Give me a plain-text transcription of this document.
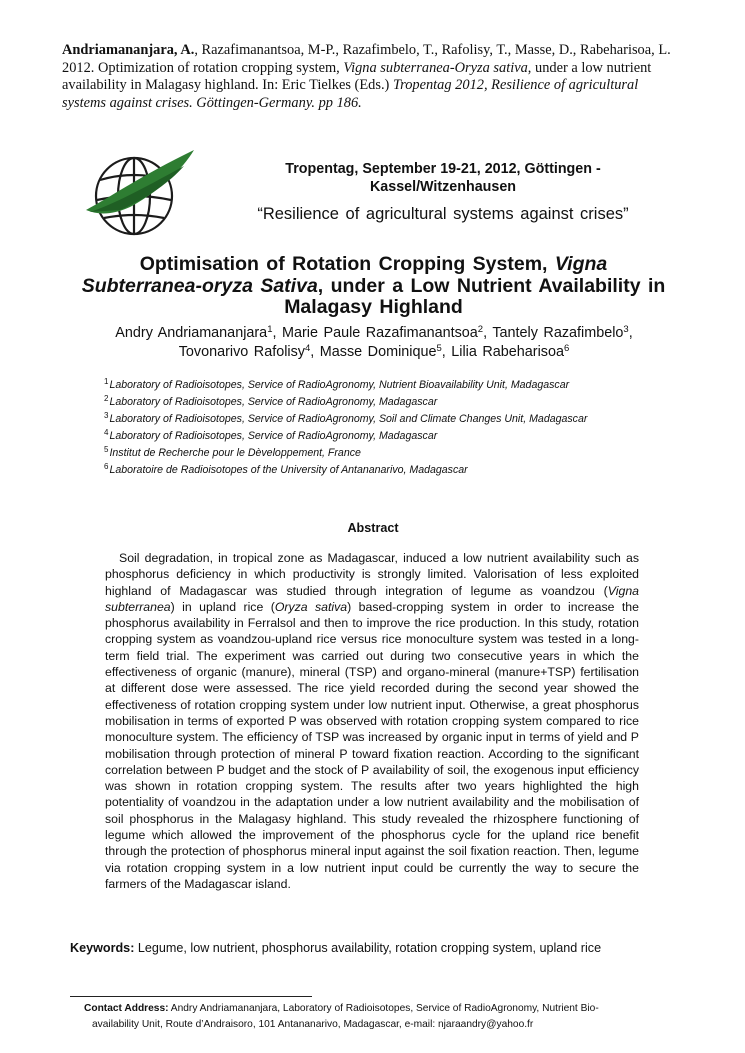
Andriamananjara, A., Razafimanantsoa, M-P., Razafimbelo, T., Rafolisy, T., Masse, D., Rabeharisoa, L. 2012. Optimization of rotation cropping system, Vigna subterranea-Oryza sativa, under a low nutrient availability in Malagasy highland. In: Eric Tielkes (Eds.) Tropentag 2012, Resilience of agricultural systems against crises. Göttingen-Germany. pp 186.
Tropentag, September 19-21, 2012, Göttingen -
Kassel/Witzenhausen
“Resilience of agricultural systems against crises”
Optimisation of Rotation Cropping System, Vigna Subterranea-oryza Sativa, under a Low Nutrient Availability in Malagasy Highland
Andry Andriamananjara$^1$, Marie Paule Razafimanantsoa$^2$, Tantely Razafimbelo$^3$,
Tovonarivo Rafolisy$^4$, Masse Dominique$^5$, Lilia Rabeharisoa$^6$
$^1$Laboratory of Radioisotopes, Service of RadioAgronomy, Nutrient Bioavailability Unit, Madagascar
$^2$Laboratory of Radioisotopes, Service of RadioAgronomy, Madagascar
$^3$Laboratory of Radioisotopes, Service of RadioAgronomy, Soil and Climate Changes Unit, Madagascar
$^4$Laboratory of Radioisotopes, Service of RadioAgronomy, Madagascar
$^5$Institut de Recherche pour le Dèveloppement, France
$^6$Laboratoire de Radioisotopes of the University of Antananarivo, Madagascar
Abstract

Soil degradation, in tropical zone as Madagascar, induced a low nutrient availability such as phosphorus deficiency in which productivity is strongly limited. Valorisation of less exploited highland of Madagascar was studied through integration of legume as voandzou (Vigna subterranea) in upland rice (Oryza sativa) based-cropping system in order to increase the phosphorus availability in Ferralsol and then to improve the rice production. In this study, rotation cropping system as voandzou-upland rice versus rice monoculture system was tested in a long-term field trial. The experiment was carried out during two consecutive years in which the effectiveness of organic (manure), mineral (TSP) and organo-mineral (manure+TSP) fertilisation at different dose were assessed. The rice yield recorded during the second year showed the effectiveness of rotation cropping system under low nutrient input. Otherwise, a great phosphorus mobilisation in terms of exported P was observed with rotation cropping system compared to rice monoculture system. The efficiency of TSP was increased by organic input in terms of yield and P mobilisation through protection of mineral P toward fixation reaction. According to the significant correlation between P budget and the stock of P availability of soil, the exogenous input efficiency was shown in rotation cropping system. The results after two years highlighted the high potentiality of voandzou in the adaptation under a low nutrient availability and the mobilisation of soil phosphorus in the Malagasy highland. This study revealed the rhizosphere functioning of legume which allowed the improvement of the phosphorus cycle for the upland rice benefit through the protection of phosphorus mineral input against the soil fixation reaction. Then, legume via rotation cropping system in a low nutrient input could be currently the way to secure the farmers of the Madagascar island.

Keywords: Legume, low nutrient, phosphorus availability, rotation cropping system, upland rice
Contact Address: Andry Andriamananjara, Laboratory of Radioisotopes, Service of RadioAgronomy, Nutrient Bio-
availability Unit, Route d’Andraisoro, 101 Antananarivo, Madagascar, e-mail: njaraandry@yahoo.fr
